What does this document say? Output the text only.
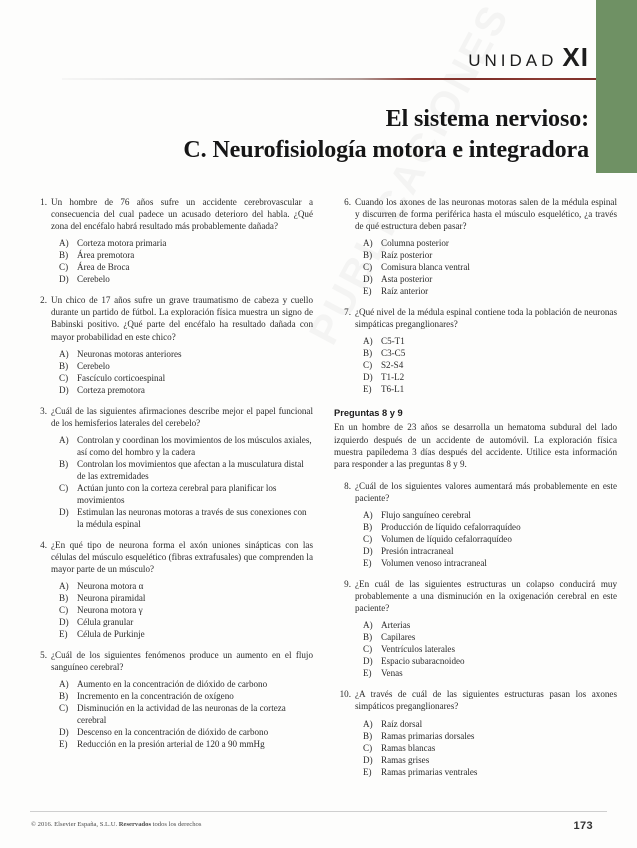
UNIDAD XI
El sistema nervioso:
C. Neurofisiología motora e integradora
1. Un hombre de 76 años sufre un accidente cerebrovascular a consecuencia del cual padece un acusado deterioro del habla. ¿Qué zona del encéfalo habrá resultado más probablemente dañada?

A) Corteza motora primaria
B) Área premotora
C) Área de Broca
D) Cerebelo
2. Un chico de 17 años sufre un grave traumatismo de cabeza y cuello durante un partido de fútbol. La exploración física muestra un signo de Babinski positivo. ¿Qué parte del encéfalo ha resultado dañada con mayor probabilidad en este chico?

A) Neuronas motoras anteriores
B) Cerebelo
C) Fascículo corticoespinal
D) Corteza premotora
3. ¿Cuál de las siguientes afirmaciones describe mejor el papel funcional de los hemisferios laterales del cerebelo?

A) Controlan y coordinan los movimientos de los músculos axiales, así como del hombro y la cadera
B) Controlan los movimientos que afectan a la musculatura distal de las extremidades
C) Actúan junto con la corteza cerebral para planificar los movimientos
D) Estimulan las neuronas motoras a través de sus conexiones con la médula espinal
4. ¿En qué tipo de neurona forma el axón uniones sinápticas con las células del músculo esquelético (fibras extrafusales) que comprenden la mayor parte de un músculo?

A) Neurona motora α
B) Neurona piramidal
C) Neurona motora γ
D) Célula granular
E)	Célula de Purkinje
5. ¿Cuál de los siguientes fenómenos produce un aumento en el flujo sanguíneo cerebral?

A) Aumento en la concentración de dióxido de carbono
B) Incremento en la concentración de oxígeno
C) Disminución en la actividad de las neuronas de la corteza cerebral
D) Descenso en la concentración de dióxido de carbono
E)	Reducción en la presión arterial de 120 a 90 mmHg
6. Cuando los axones de las neuronas motoras salen de la médula espinal y discurren de forma periférica hasta el músculo esquelético, ¿a través de qué estructura deben pasar?

A) Columna posterior
B) Raíz posterior
C) Comisura blanca ventral
D) Asta posterior
E)	Raíz anterior
7. ¿Qué nivel de la médula espinal contiene toda la población de neuronas simpáticas preganglionares?

A) C5-T1
B) C3-C5
C) S2-S4
D) T1-L2
E)	T6-L1

Preguntas 8 y 9

En un hombre de 23 años se desarrolla un hematoma subdural del lado izquierdo después de un accidente de automóvil. La exploración física muestra papiledema 3 días después del accidente. Utilice esta información para responder a las preguntas 8 y 9.

8. ¿Cuál de los siguientes valores aumentará más probablemente en este paciente?

A) Flujo sanguíneo cerebral
B) Producción de líquido cefalorraquídeo
C) Volumen de líquido cefalorraquídeo
D) Presión intracraneal
E)	Volumen venoso intracraneal
9. ¿En cuál de las siguientes estructuras un colapso conducirá muy probablemente a una disminución en la oxigenación cerebral en este paciente?

A) Arterias
B) Capilares
C) Ventrículos laterales
D) Espacio subaracnoideo
E)	Venas
10. ¿A través de cuál de las siguientes estructuras pasan los axones simpáticos preganglionares?

A) Raíz dorsal
B) Ramas primarias dorsales
C) Ramas blancas
D) Ramas grises
E)	Ramas primarias ventrales
© 2016. Elsevier España, S.L.U. Reservados todos los derechos	173
